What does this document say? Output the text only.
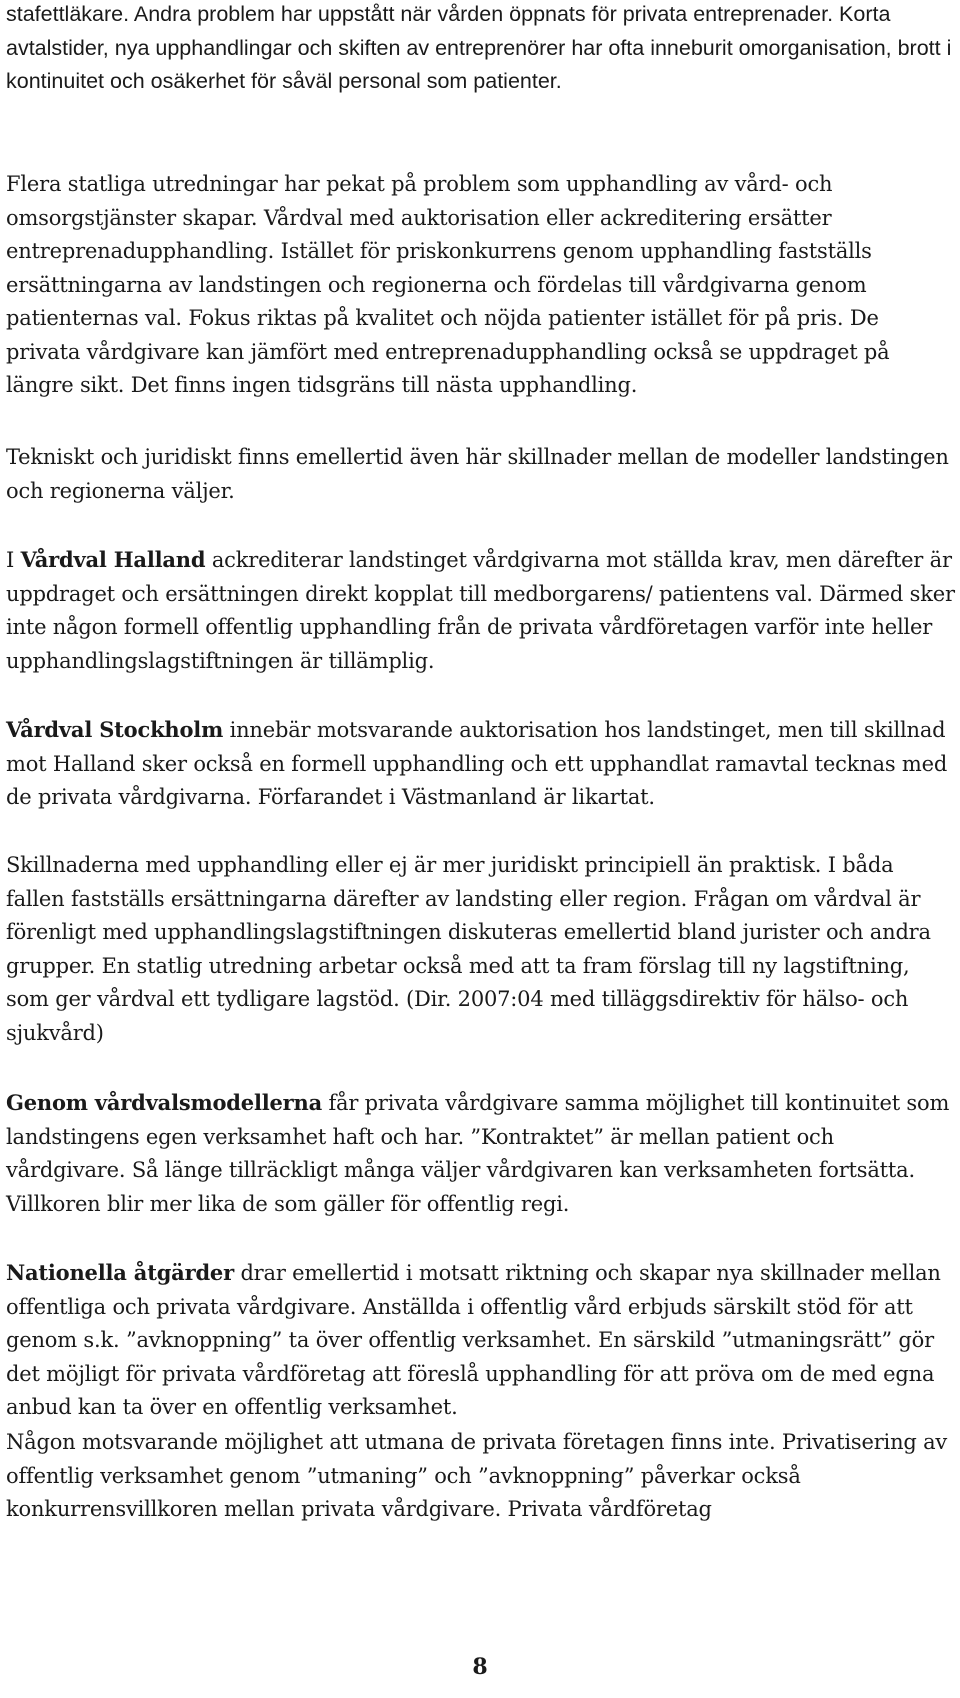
stafettläkare. Andra problem har uppstått när vården öppnats för privata entreprenader. Korta avtalstider, nya upphandlingar och skiften av entreprenörer har ofta inneburit omorganisation, brott i kontinuitet och osäkerhet för såväl personal som patienter.

Flera statliga utredningar har pekat på problem som upphandling av vård- och omsorgstjänster skapar. Vårdval med auktorisation eller ackreditering ersätter entreprenadupphandling. Istället för priskonkurrens genom upphandling fastställs ersättningarna av landstingen och regionerna och fördelas till vårdgivarna genom patienternas val. Fokus riktas på kvalitet och nöjda patienter istället för på pris. De privata vårdgivare kan jämfört med entreprenadupphandling också se uppdraget på längre sikt. Det finns ingen tidsgräns till nästa upphandling.

Tekniskt och juridiskt finns emellertid även här skillnader mellan de modeller landstingen och regionerna väljer.

I Vårdval Halland ackrediterar landstinget vårdgivarna mot ställda krav, men därefter är uppdraget och ersättningen direkt kopplat till medborgarens/ patientens val. Därmed sker inte någon formell offentlig upphandling från de privata vårdföretagen varför inte heller upphandlingslagstiftningen är tillämplig.

Vårdval Stockholm innebär motsvarande auktorisation hos landstinget, men till skillnad mot Halland sker också en formell upphandling och ett upphandlat ramavtal tecknas med de privata vårdgivarna. Förfarandet i Västmanland är likartat.

Skillnaderna med upphandling eller ej är mer juridiskt principiell än praktisk. I båda fallen fastställs ersättningarna därefter av landsting eller region. Frågan om vårdval är förenligt med upphandlingslagstiftningen diskuteras emellertid bland jurister och andra grupper. En statlig utredning arbetar också med att ta fram förslag till ny lagstiftning, som ger vårdval ett tydligare lagstöd. (Dir. 2007:04 med tilläggsdirektiv för hälso- och sjukvård)

Genom vårdvalsmodellerna får privata vårdgivare samma möjlighet till kontinuitet som landstingens egen verksamhet haft och har. ”Kontraktet” är mellan patient och vårdgivare. Så länge tillräckligt många väljer vårdgivaren kan verksamheten fortsätta. Villkoren blir mer lika de som gäller för offentlig regi.

Nationella åtgärder drar emellertid i motsatt riktning och skapar nya skillnader mellan offentliga och privata vårdgivare. Anställda i offentlig vård erbjuds särskilt stöd för att genom s.k. ”avknoppning” ta över offentlig verksamhet. En särskild ”utmaningsrätt” gör det möjligt för privata vårdföretag att föreslå upphandling för att pröva om de med egna anbud kan ta över en offentlig verksamhet.

Någon motsvarande möjlighet att utmana de privata företagen finns inte. Privatisering av offentlig verksamhet genom ”utmaning” och ”avknoppning” påverkar också konkurrensvillkoren mellan privata vårdgivare. Privata vårdföretag

8
